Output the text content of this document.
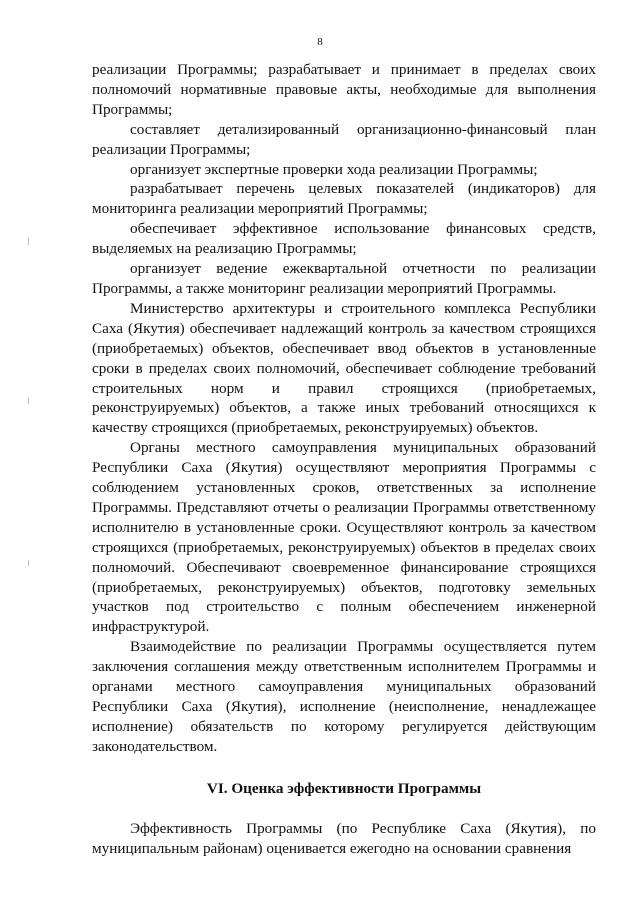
8

реализации Программы; разрабатывает и принимает в пределах своих полномочий нормативные правовые акты, необходимые для выполнения Программы;

составляет детализированный организационно-финансовый план реализации Программы;

организует экспертные проверки хода реализации Программы;

разрабатывает перечень целевых показателей (индикаторов) для мониторинга реализации мероприятий Программы;

обеспечивает эффективное использование финансовых средств, выделяемых на реализацию Программы;

организует ведение ежеквартальной отчетности по реализации Программы, а также мониторинг реализации мероприятий Программы.

Министерство архитектуры и строительного комплекса Республики Саха (Якутия) обеспечивает надлежащий контроль за качеством строящихся (приобретаемых) объектов, обеспечивает ввод объектов в установленные сроки в пределах своих полномочий, обеспечивает соблюдение требований строительных норм и правил строящихся (приобретаемых, реконструируемых) объектов, а также иных требований относящихся к качеству строящихся (приобретаемых, реконструируемых) объектов.

Органы местного самоуправления муниципальных образований Республики Саха (Якутия) осуществляют мероприятия Программы с соблюдением установленных сроков, ответственных за исполнение Программы. Представляют отчеты о реализации Программы ответственному исполнителю в установленные сроки. Осуществляют контроль за качеством строящихся (приобретаемых, реконструируемых) объектов в пределах своих полномочий. Обеспечивают своевременное финансирование строящихся (приобретаемых, реконструируемых) объектов, подготовку земельных участков под строительство с полным обеспечением инженерной инфраструктурой.

Взаимодействие по реализации Программы осуществляется путем заключения соглашения между ответственным исполнителем Программы и органами местного самоуправления муниципальных образований Республики Саха (Якутия), исполнение (неисполнение, ненадлежащее исполнение) обязательств по которому регулируется действующим законодательством.

VI. Оценка эффективности Программы

Эффективность Программы (по Республике Саха (Якутия), по муниципальным районам) оценивается ежегодно на основании сравнения
